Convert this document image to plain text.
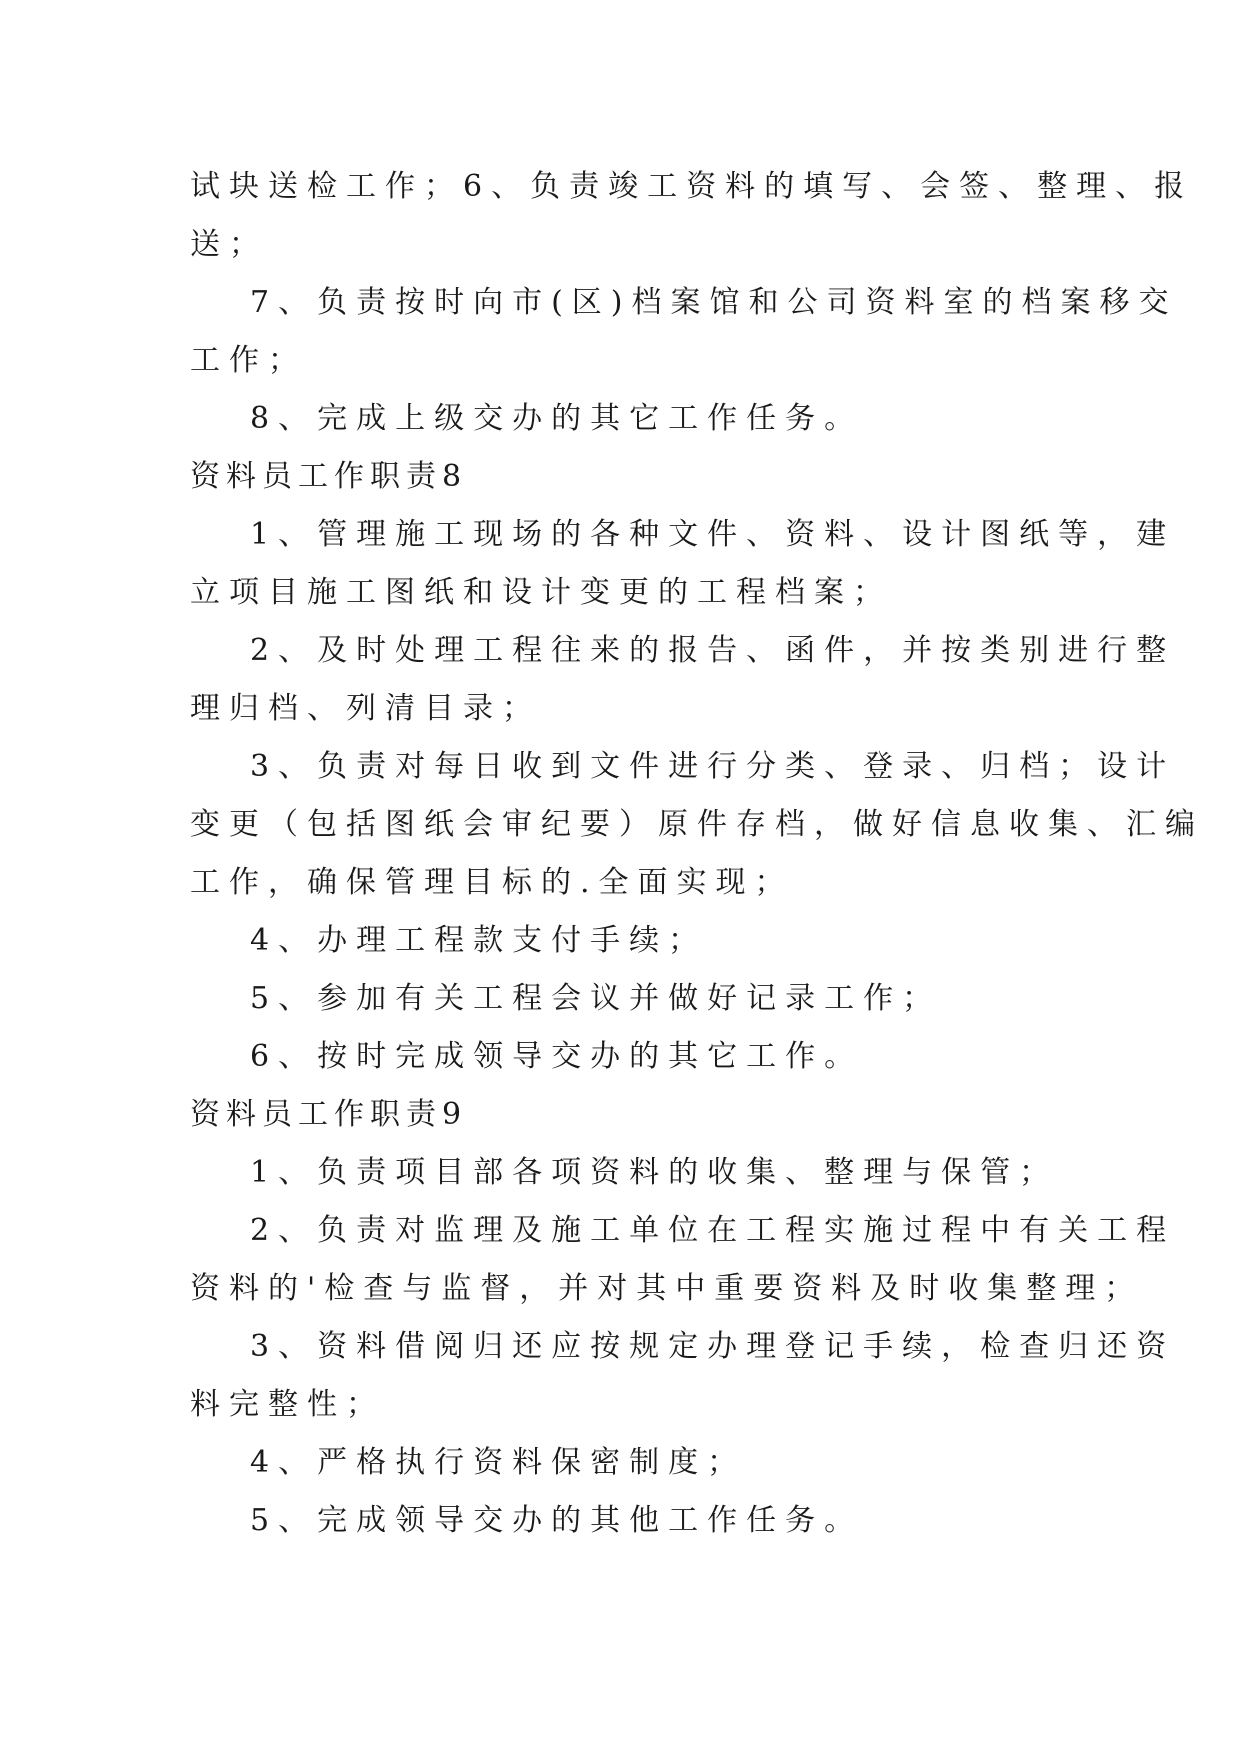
试块送检工作；6、负责竣工资料的填写、会签、整理、报
送；
7、负责按时向市(区)档案馆和公司资料室的档案移交
工作；
8、完成上级交办的其它工作任务。
资料员工作职责8
1、管理施工现场的各种文件、资料、设计图纸等，建
立项目施工图纸和设计变更的工程档案；
2、及时处理工程往来的报告、函件，并按类别进行整
理归档、列清目录；
3、负责对每日收到文件进行分类、登录、归档；设计
变更（包括图纸会审纪要）原件存档，做好信息收集、汇编
工作，确保管理目标的.全面实现；
4、办理工程款支付手续；
5、参加有关工程会议并做好记录工作；
6、按时完成领导交办的其它工作。
资料员工作职责9
1、负责项目部各项资料的收集、整理与保管；
2、负责对监理及施工单位在工程实施过程中有关工程
资料的'检查与监督，并对其中重要资料及时收集整理；
3、资料借阅归还应按规定办理登记手续，检查归还资
料完整性；
4、严格执行资料保密制度；
5、完成领导交办的其他工作任务。
